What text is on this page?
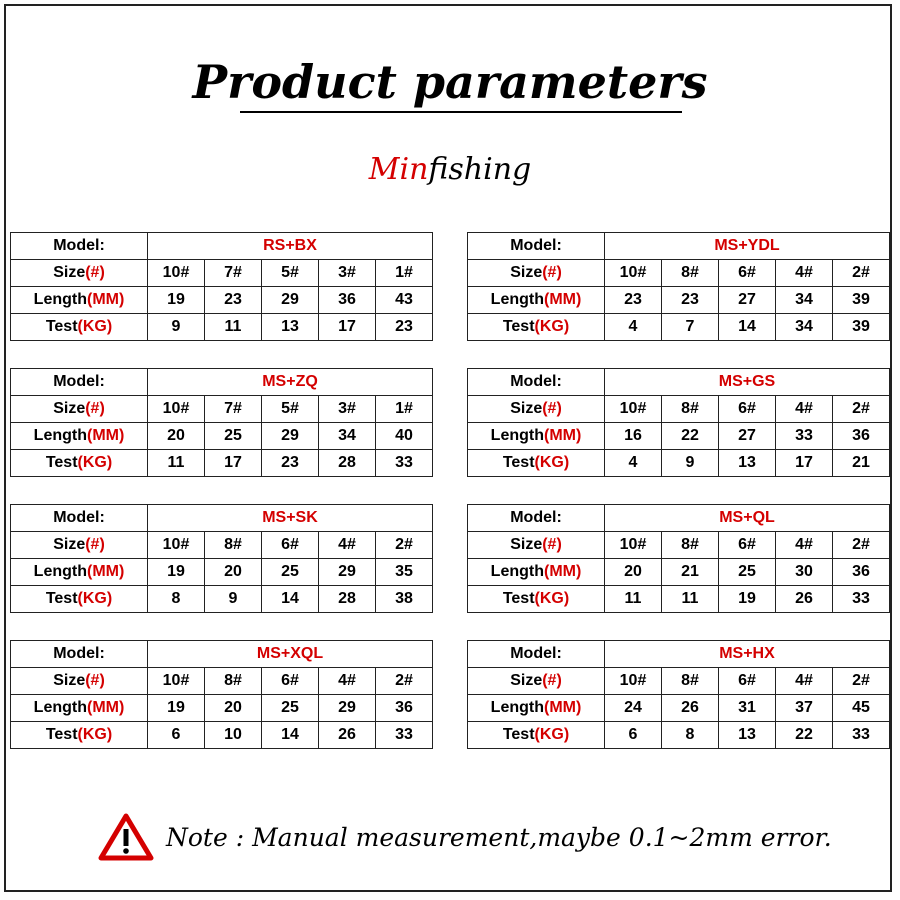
Product parameters
Minfishing
Model:	RS+BX				
Size(#)	10#	7#	5#	3#	1#
Length(MM)	19	23	29	36	43
Test(KG)	9	11	13	17	23
Model:	MS+YDL				
Size(#)	10#	8#	6#	4#	2#
Length(MM)	23	23	27	34	39
Test(KG)	4	7	14	34	39
Model:	MS+ZQ				
Size(#)	10#	7#	5#	3#	1#
Length(MM)	20	25	29	34	40
Test(KG)	11	17	23	28	33
Model:	MS+GS				
Size(#)	10#	8#	6#	4#	2#
Length(MM)	16	22	27	33	36
Test(KG)	4	9	13	17	21
Model:	MS+SK				
Size(#)	10#	8#	6#	4#	2#
Length(MM)	19	20	25	29	35
Test(KG)	8	9	14	28	38
Model:	MS+QL				
Size(#)	10#	8#	6#	4#	2#
Length(MM)	20	21	25	30	36
Test(KG)	11	11	19	26	33
Model:	MS+XQL				
Size(#)	10#	8#	6#	4#	2#
Length(MM)	19	20	25	29	36
Test(KG)	6	10	14	26	33
Model:	MS+HX				
Size(#)	10#	8#	6#	4#	2#
Length(MM)	24	26	31	37	45
Test(KG)	6	8	13	22	33
Note : Manual measurement,maybe 0.1~2mm error.
